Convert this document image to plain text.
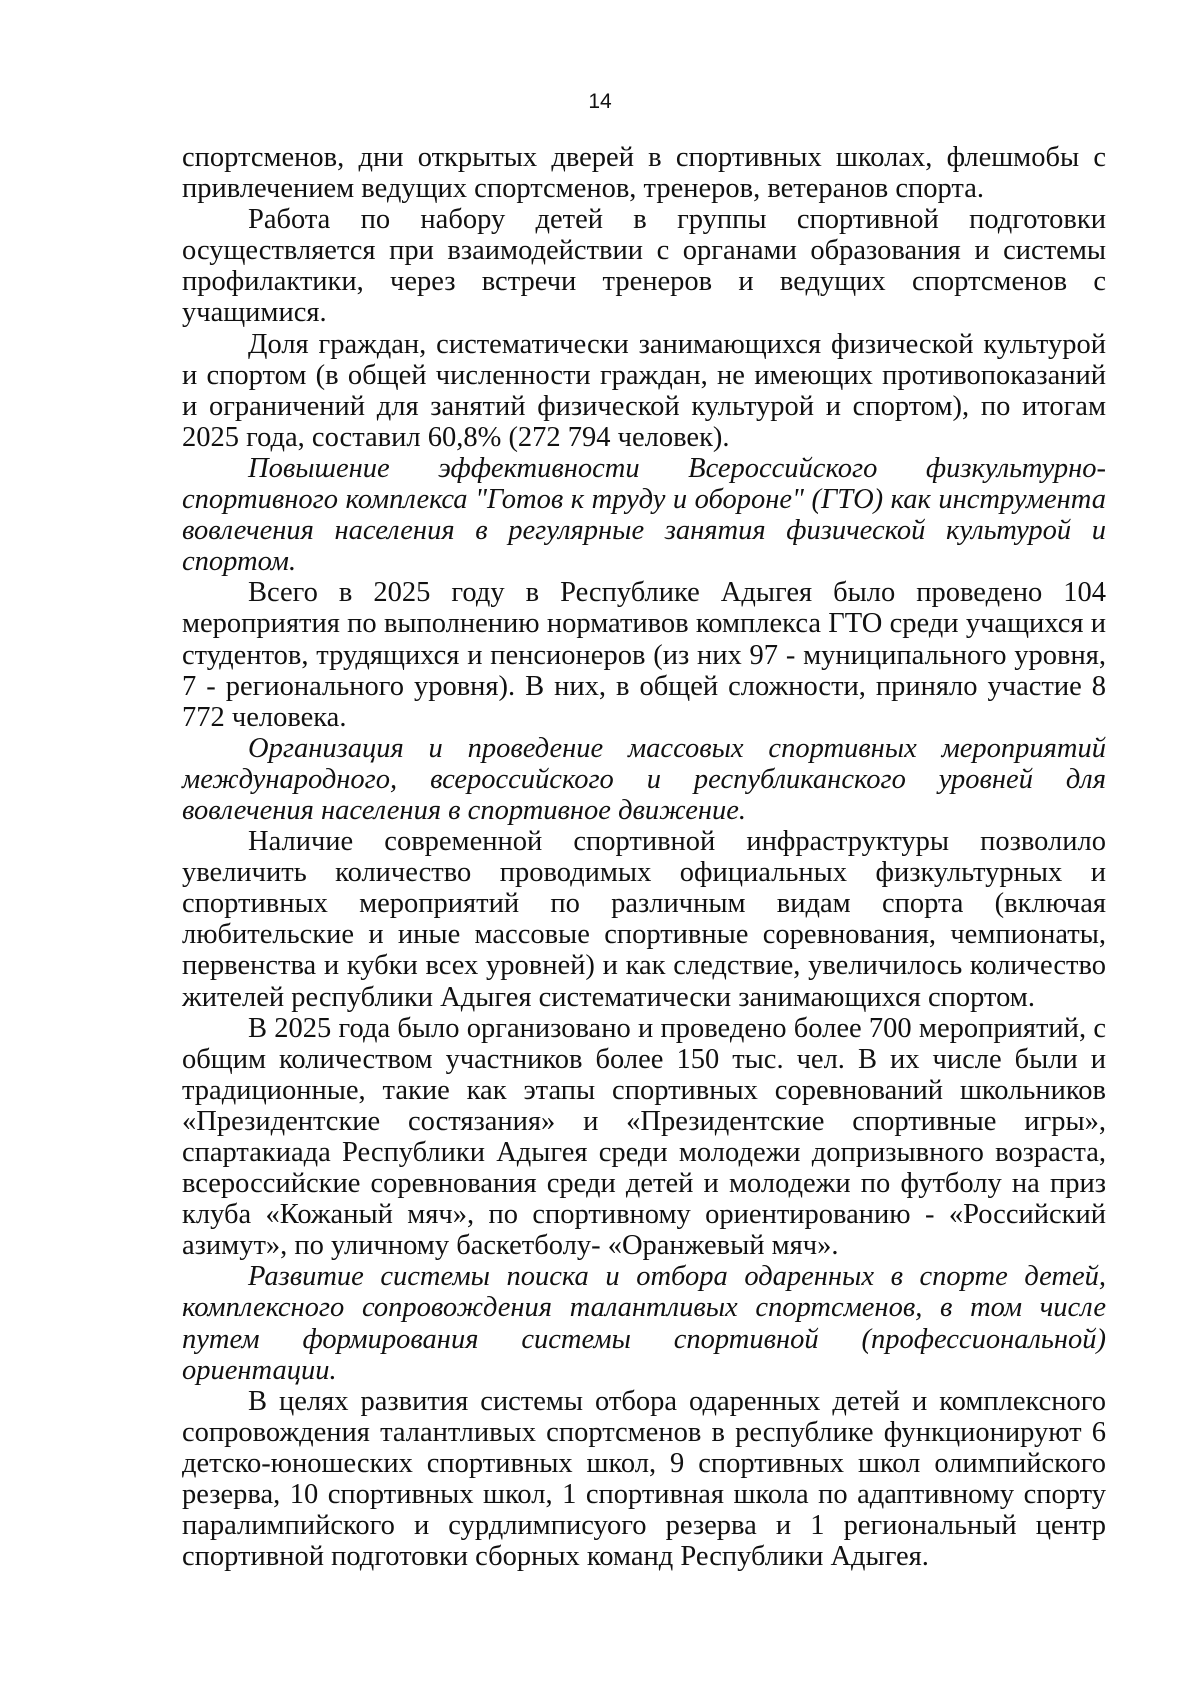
14

спортсменов, дни открытых дверей в спортивных школах, флешмобы с привлечением ведущих спортсменов, тренеров, ветеранов спорта.

Работа по набору детей в группы спортивной подготовки осуществляется при взаимодействии с органами образования и системы профилактики, через встречи тренеров и ведущих спортсменов с учащимися.

Доля граждан, систематически занимающихся физической культурой и спортом (в общей численности граждан, не имеющих противопоказаний и ограничений для занятий физической культурой и спортом), по итогам 2025 года, составил 60,8% (272 794 человек).

Повышение эффективности Всероссийского физкультурно-спортивного комплекса "Готов к труду и обороне" (ГТО) как инструмента вовлечения населения в регулярные занятия физической культурой и спортом.

Всего в 2025 году в Республике Адыгея было проведено 104 мероприятия по выполнению нормативов комплекса ГТО среди учащихся и студентов, трудящихся и пенсионеров (из них 97 - муниципального уровня, 7 - регионального уровня). В них, в общей сложности, приняло участие 8 772 человека.

Организация и проведение массовых спортивных мероприятий международного, всероссийского и республиканского уровней для вовлечения населения в спортивное движение.

Наличие современной спортивной инфраструктуры позволило увеличить количество проводимых официальных физкультурных и спортивных мероприятий по различным видам спорта (включая любительские и иные массовые спортивные соревнования, чемпионаты, первенства и кубки всех уровней) и как следствие, увеличилось количество жителей республики Адыгея систематически занимающихся спортом.

В 2025 года было организовано и проведено более 700 мероприятий, с общим количеством участников более 150 тыс. чел. В их числе были и традиционные, такие как этапы спортивных соревнований школьников «Президентские состязания» и «Президентские спортивные игры», спартакиада Республики Адыгея среди молодежи допризывного возраста, всероссийские соревнования среди детей и молодежи по футболу на приз клуба «Кожаный мяч», по спортивному ориентированию - «Российский азимут», по уличному баскетболу- «Оранжевый мяч».

Развитие системы поиска и отбора одаренных в спорте детей, комплексного сопровождения талантливых спортсменов, в том числе путем формирования системы спортивной (профессиональной) ориентации.

В целях развития системы отбора одаренных детей и комплексного сопровождения талантливых спортсменов в республике функционируют 6 детско-юношеских спортивных школ, 9 спортивных школ олимпийского резерва, 10 спортивных школ, 1 спортивная школа по адаптивному спорту паралимпийского и сурдлимписуого резерва и 1 региональный центр спортивной подготовки сборных команд Республики Адыгея.
